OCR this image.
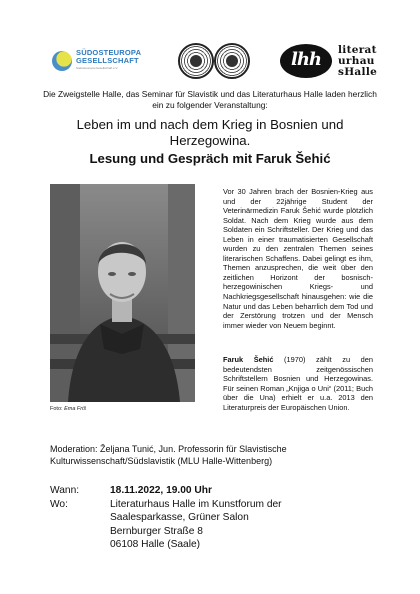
SÜDOSTEUROPA
GESELLSCHAFT
Südosteuropa-Gesellschaft e.V.	lhh	literat
urhau
sHalle
Die Zweigstelle Halle, das Seminar für Slavistik und das Literaturhaus Halle laden herzlich ein zu folgender Veranstaltung:
Leben im und nach dem Krieg in Bosnien und Herzegowina.
Lesung und Gespräch mit Faruk Šehić
Foto: Ema Friš
Vor 30 Jahren brach der Bosnien-Krieg aus und der 22jährige Student der Veterinärmedizin Faruk Šehić wurde plötzlich Soldat. Nach dem Krieg wurde aus dem Soldaten ein Schriftsteller. Der Krieg und das Leben in einer traumatisierten Gesellschaft wurden zu den zentralen Themen seines literarischen Schaffens. Dabei gelingt es ihm, Themen anzusprechen, die weit über den zeitlichen Horizont der bosnisch-herzegowinischen Kriegs- und Nachkriegsgesellschaft hinausgehen: wie die Natur und das Leben beharrlich dem Tod und der Zerstörung trotzen und der Mensch immer wieder von Neuem beginnt.
Faruk Šehić (1970) zählt zu den bedeutendsten zeitgenössischen Schriftstellern Bosnien und Herzegowinas. Für seinen Roman „Knjiga o Uni“ (2011; Buch über die Una) erhielt er u.a. 2013 den Literaturpreis der Europäischen Union.
Moderation: Željana Tunić, Jun. Professorin für Slavistische Kulturwissenschaft/Südslavistik (MLU Halle-Wittenberg)
Wann:	18.11.2022, 19.00 Uhr
Wo:	Literaturhaus Halle im Kunstforum der
Saalesparkasse, Grüner Salon
Bernburger Straße 8
06108 Halle (Saale)
